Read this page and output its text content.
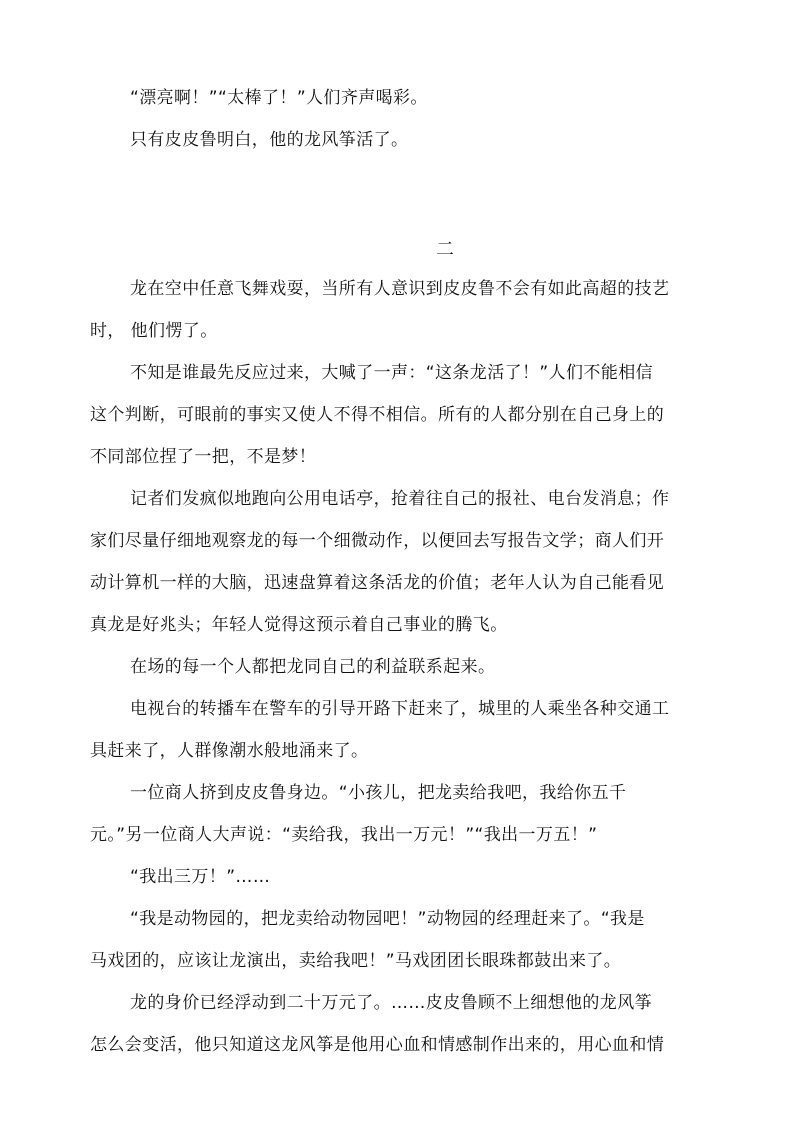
“漂亮啊！”“太棒了！”人们齐声喝彩。
只有皮皮鲁明白，他的龙风筝活了。
二
龙在空中任意飞舞戏耍，当所有人意识到皮皮鲁不会有如此高超的技艺
时， 他们愣了。
不知是谁最先反应过来，大喊了一声：“这条龙活了！”人们不能相信
这个判断，可眼前的事实又使人不得不相信。所有的人都分别在自己身上的
不同部位捏了一把，不是梦！
记者们发疯似地跑向公用电话亭，抢着往自己的报社、电台发消息；作
家们尽量仔细地观察龙的每一个细微动作，以便回去写报告文学；商人们开
动计算机一样的大脑，迅速盘算着这条活龙的价值；老年人认为自己能看见
真龙是好兆头；年轻人觉得这预示着自己事业的腾飞。
在场的每一个人都把龙同自己的利益联系起来。
电视台的转播车在警车的引导开路下赶来了，城里的人乘坐各种交通工
具赶来了，人群像潮水般地涌来了。
一位商人挤到皮皮鲁身边。“小孩儿，把龙卖给我吧，我给你五千
元。”另一位商人大声说：“卖给我，我出一万元！”“我出一万五！”
“我出三万！”……
“我是动物园的，把龙卖给动物园吧！”动物园的经理赶来了。“我是
马戏团的，应该让龙演出，卖给我吧！”马戏团团长眼珠都鼓出来了。
龙的身价已经浮动到二十万元了。……皮皮鲁顾不上细想他的龙风筝
怎么会变活，他只知道这龙风筝是他用心血和情感制作出来的，用心血和情
